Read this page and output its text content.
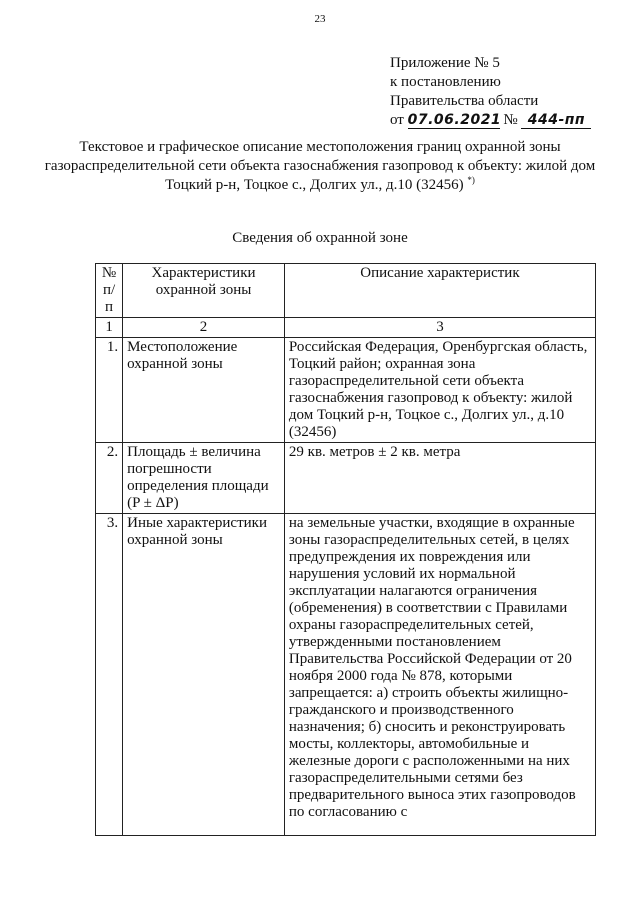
23
Приложение № 5
к постановлению
Правительства области
от 07.06.2021 № 444-пп
Текстовое и графическое описание местоположения границ охранной зоны газораспределительной сети объекта газоснабжения газопровод к объекту: жилой дом Тоцкий р-н, Тоцкое с., Долгих ул., д.10 (32456) *)
Сведения об охранной зоне
№ п/п	Характеристики охранной зоны	Описание характеристик
1	2	3
1.	Местоположение охранной зоны	Российская Федерация, Оренбургская область, Тоцкий район; охранная зона газораспределительной сети объекта газоснабжения газопровод к объекту: жилой дом Тоцкий р-н, Тоцкое с., Долгих ул., д.10 (32456)
2.	Площадь ± величина погрешности определения площади (P ± ΔP)	29 кв. метров ± 2 кв. метра
3.	Иные характеристики охранной зоны	на земельные участки, входящие в охранные зоны газораспределительных сетей, в целях предупреждения их повреждения или нарушения условий их нормальной эксплуатации налагаются ограничения (обременения) в соответствии с Правилами охраны газораспределительных сетей, утвержденными постановлением Правительства Российской Федерации от 20 ноября 2000 года № 878, которыми запрещается: а) строить объекты жилищно-гражданского и производственного назначения; б) сносить и реконструировать мосты, коллекторы, автомобильные и железные дороги с расположенными на них газораспределительными сетями без предварительного выноса этих газопроводов по согласованию с
